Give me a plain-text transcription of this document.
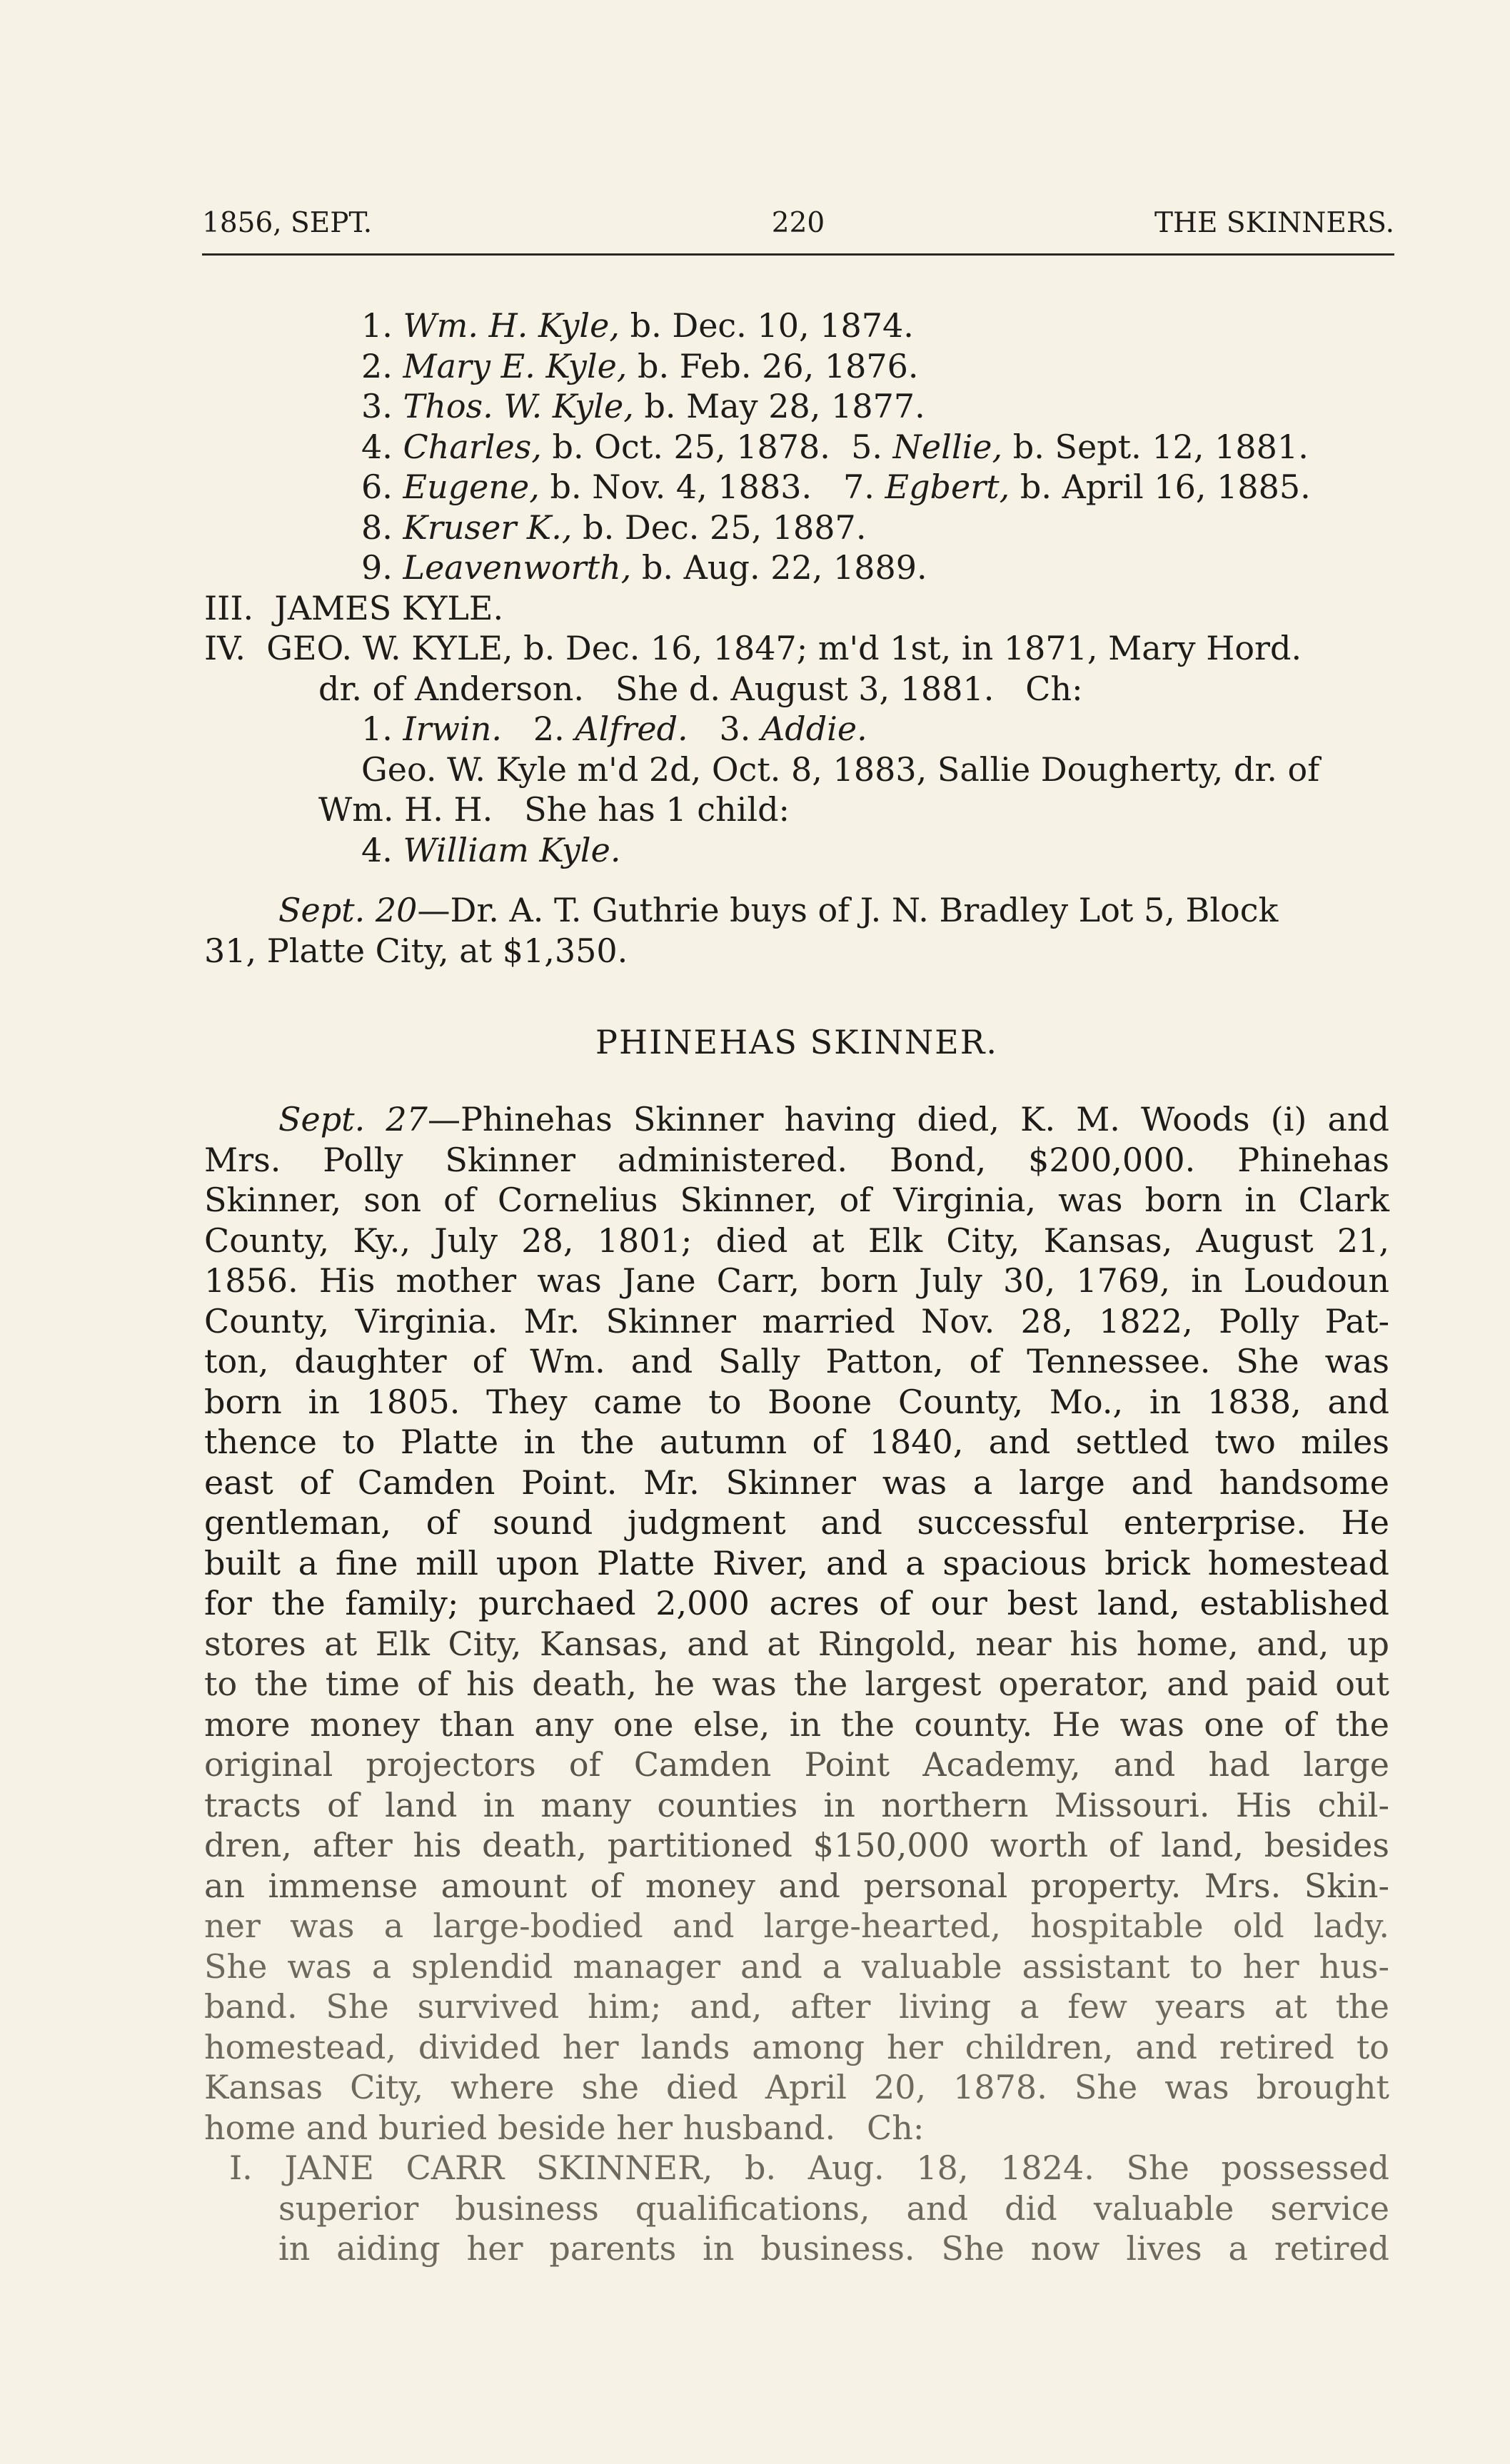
1856, SEPT.	220	THE SKINNERS.
1. Wm. H. Kyle, b. Dec. 10, 1874.
2. Mary E. Kyle, b. Feb. 26, 1876.
3. Thos. W. Kyle, b. May 28, 1877.
4. Charles, b. Oct. 25, 1878.  5. Nellie, b. Sept. 12, 1881.
6. Eugene, b. Nov. 4, 1883.   7. Egbert, b. April 16, 1885.
8. Kruser K., b. Dec. 25, 1887.
9. Leavenworth, b. Aug. 22, 1889.
III.  JAMES KYLE.
IV.  GEO. W. KYLE, b. Dec. 16, 1847; m'd 1st, in 1871, Mary Hord.
dr. of Anderson.   She d. August 3, 1881.   Ch:
1. Irwin. 2. Alfred. 3. Addie.
Geo. W. Kyle m'd 2d, Oct. 8, 1883, Sallie Dougherty, dr. of
Wm. H. H.   She has 1 child:
4. William Kyle.
Sept. 20—Dr. A. T. Guthrie buys of J. N. Bradley Lot 5, Block
31, Platte City, at $1,350.
PHINEHAS SKINNER.
Sept. 27—Phinehas Skinner having died, K. M. Woods (i) and
Mrs. Polly Skinner administered. Bond, $200,000. Phinehas
Skinner, son of Cornelius Skinner, of Virginia, was born in Clark
County, Ky., July 28, 1801; died at Elk City, Kansas, August 21,
1856. His mother was Jane Carr, born July 30, 1769, in Loudoun
County, Virginia. Mr. Skinner married Nov. 28, 1822, Polly Pat-
ton, daughter of Wm. and Sally Patton, of Tennessee. She was
born in 1805. They came to Boone County, Mo., in 1838, and
thence to Platte in the autumn of 1840, and settled two miles
east of Camden Point. Mr. Skinner was a large and handsome
gentleman, of sound judgment and successful enterprise. He
built a fine mill upon Platte River, and a spacious brick homestead
for the family; purchaed 2,000 acres of our best land, established
stores at Elk City, Kansas, and at Ringold, near his home, and, up
to the time of his death, he was the largest operator, and paid out
more money than any one else, in the county. He was one of the
original projectors of Camden Point Academy, and had large
tracts of land in many counties in northern Missouri. His chil-
dren, after his death, partitioned $150,000 worth of land, besides
an immense amount of money and personal property. Mrs. Skin-
ner was a large-bodied and large-hearted, hospitable old lady.
She was a splendid manager and a valuable assistant to her hus-
band. She survived him; and, after living a few years at the
homestead, divided her lands among her children, and retired to
Kansas City, where she died April 20, 1878. She was brought
home and buried beside her husband.   Ch:
I. JANE CARR SKINNER, b. Aug. 18, 1824. She possessed
superior business qualifications, and did valuable service
in aiding her parents in business. She now lives a retired
